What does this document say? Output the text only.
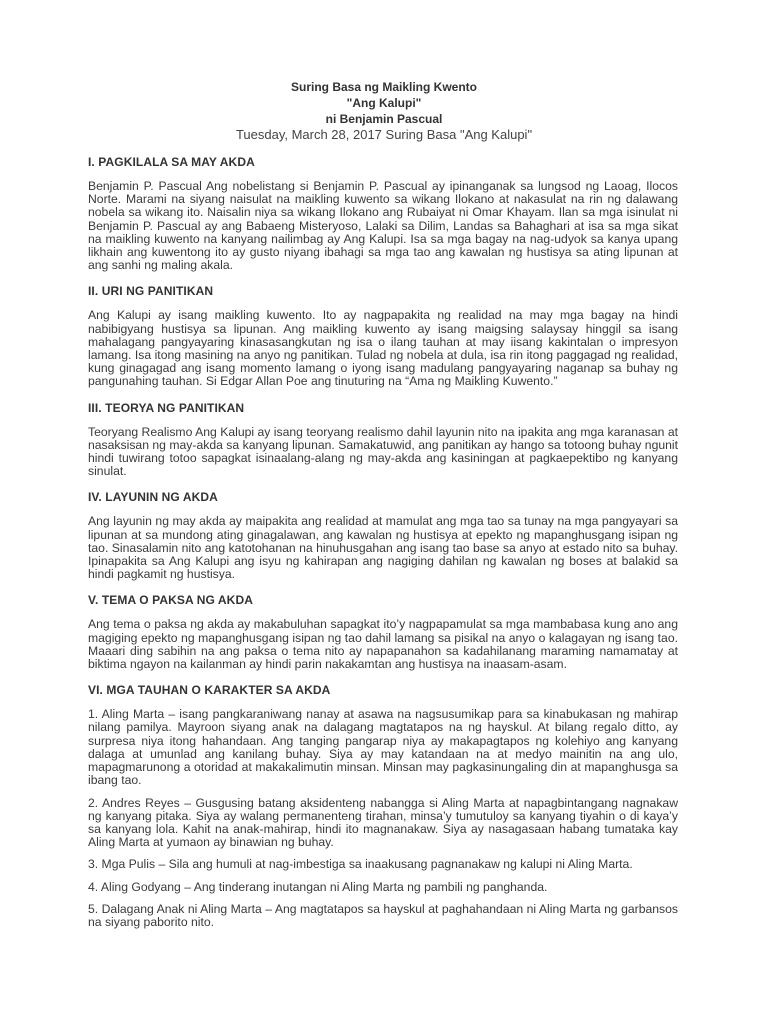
Suring Basa ng Maikling Kwento
"Ang Kalupi"
ni Benjamin Pascual
Tuesday, March 28, 2017 Suring Basa "Ang Kalupi"
I. PAGKILALA SA MAY AKDA

Benjamin P. Pascual Ang nobelistang si Benjamin P. Pascual ay ipinanganak sa lungsod ng Laoag, Ilocos Norte. Marami na siyang naisulat na maikling kuwento sa wikang Ilokano at nakasulat na rin ng dalawang nobela sa wikang ito. Naisalin niya sa wikang Ilokano ang Rubaiyat ni Omar Khayam. Ilan sa mga isinulat ni Benjamin P. Pascual ay ang Babaeng Misteryoso, Lalaki sa Dilim, Landas sa Bahaghari at isa sa mga sikat na maikling kuwento na kanyang nailimbag ay Ang Kalupi. Isa sa mga bagay na nag-udyok sa kanya upang likhain ang kuwentong ito ay gusto niyang ibahagi sa mga tao ang kawalan ng hustisya sa ating lipunan at ang sanhi ng maling akala.

II. URI NG PANITIKAN

Ang Kalupi ay isang maikling kuwento. Ito ay nagpapakita ng realidad na may mga bagay na hindi nabibigyang hustisya sa lipunan. Ang maikling kuwento ay isang maigsing salaysay hinggil sa isang mahalagang pangyayaring kinasasangkutan ng isa o ilang tauhan at may iisang kakintalan o impresyon lamang. Isa itong masining na anyo ng panitikan. Tulad ng nobela at dula, isa rin itong paggagad ng realidad, kung ginagagad ang isang momento lamang o iyong isang madulang pangyayaring naganap sa buhay ng pangunahing tauhan. Si Edgar Allan Poe ang tinuturing na “Ama ng Maikling Kuwento.”

III. TEORYA NG PANITIKAN

Teoryang Realismo Ang Kalupi ay isang teoryang realismo dahil layunin nito na ipakita ang mga karanasan at nasaksisan ng may-akda sa kanyang lipunan. Samakatuwid, ang panitikan ay hango sa totoong buhay ngunit hindi tuwirang totoo sapagkat isinaalang-alang ng may-akda ang kasiningan at pagkaepektibo ng kanyang sinulat.

IV. LAYUNIN NG AKDA

Ang layunin ng may akda ay maipakita ang realidad at mamulat ang mga tao sa tunay na mga pangyayari sa lipunan at sa mundong ating ginagalawan, ang kawalan ng hustisya at epekto ng mapanghusgang isipan ng tao. Sinasalamin nito ang katotohanan na hinuhusgahan ang isang tao base sa anyo at estado nito sa buhay. Ipinapakita sa Ang Kalupi ang isyu ng kahirapan ang nagiging dahilan ng kawalan ng boses at balakid sa hindi pagkamit ng hustisya.

V. TEMA O PAKSA NG AKDA

Ang tema o paksa ng akda ay makabuluhan sapagkat ito’y nagpapamulat sa mga mambabasa kung ano ang magiging epekto ng mapanghusgang isipan ng tao dahil lamang sa pisikal na anyo o kalagayan ng isang tao. Maaari ding sabihin na ang paksa o tema nito ay napapanahon sa kadahilanang maraming namamatay at biktima ngayon na kailanman ay hindi parin nakakamtan ang hustisya na inaasam-asam.

VI. MGA TAUHAN O KARAKTER SA AKDA

1. Aling Marta – isang pangkaraniwang nanay at asawa na nagsusumikap para sa kinabukasan ng mahirap nilang pamilya. Mayroon siyang anak na dalagang magtatapos na ng hayskul. At bilang regalo ditto, ay surpresa niya itong hahandaan. Ang tanging pangarap niya ay makapagtapos ng kolehiyo ang kanyang dalaga at umunlad ang kanilang buhay. Siya ay may katandaan na at medyo mainitin na ang ulo, mapagmarunong a otoridad at makakalimutin minsan. Minsan may pagkasinungaling din at mapanghusga sa ibang tao.

2. Andres Reyes – Gusgusing batang aksidenteng nabangga si Aling Marta at napagbintangang nagnakaw ng kanyang pitaka. Siya ay walang permanenteng tirahan, minsa’y tumutuloy sa kanyang tiyahin o di kaya’y sa kanyang lola. Kahit na anak-mahirap, hindi ito magnanakaw. Siya ay nasagasaan habang tumataka kay Aling Marta at yumaon ay binawian ng buhay.

3. Mga Pulis – Sila ang humuli at nag-imbestiga sa inaakusang pagnanakaw ng kalupi ni Aling Marta.

4. Aling Godyang – Ang tinderang inutangan ni Aling Marta ng pambili ng panghanda.

5. Dalagang Anak ni Aling Marta – Ang magtatapos sa hayskul at paghahandaan ni Aling Marta ng garbansos na siyang paborito nito.
